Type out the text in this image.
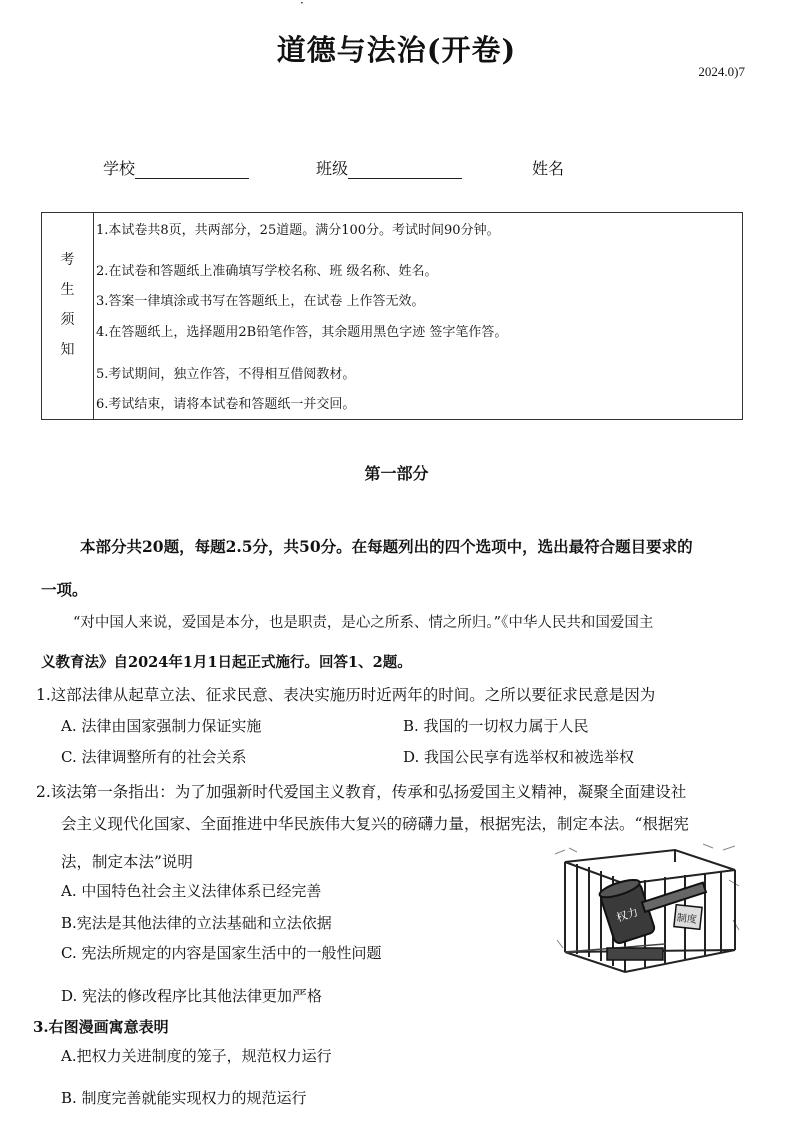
·
道德与法治(开卷)
2024.0)7
学校	班级	姓名
考
生
须
知
1.本试卷共8页，共两部分，25道题。满分100分。考试时间90分钟。
2.在试卷和答题纸上准确填写学校名称、班 级名称、姓名。
3.答案一律填涂或书写在答题纸上，在试卷 上作答无效。
4.在答题纸上，选择题用2B铅笔作答，其余题用黑色字迹 签字笔作答。
5.考试期间，独立作答，不得相互借阅教材。
6.考试结束，请将本试卷和答题纸一并交回。
第一部分
本部分共20题，每题2.5分，共50分。在每题列出的四个选项中，选出最符合题目要求的
一项。
“对中国人来说，爱国是本分，也是职责，是心之所系、情之所归。”《中华人民共和国爱国主
义教育法》自2024年1月1日起正式施行。回答1、2题。
1.这部法律从起草立法、征求民意、表决实施历时近两年的时间。之所以要征求民意是因为
A. 法律由国家强制力保证实施	B. 我国的一切权力属于人民
C. 法律调整所有的社会关系	D. 我国公民享有选举权和被选举权
2.该法第一条指出：为了加强新时代爱国主义教育，传承和弘扬爱国主义精神，凝聚全面建设社
会主义现代化国家、全面推进中华民族伟大复兴的磅礴力量，根据宪法，制定本法。“根据宪
法，制定本法”说明
A. 中国特色社会主义法律体系已经完善
B.宪法是其他法律的立法基础和立法依据
C. 宪法所规定的内容是国家生活中的一般性问题
D. 宪法的修改程序比其他法律更加严格
3.右图漫画寓意表明
A.把权力关进制度的笼子，规范权力运行
B. 制度完善就能实现权力的规范运行
权力	制度
